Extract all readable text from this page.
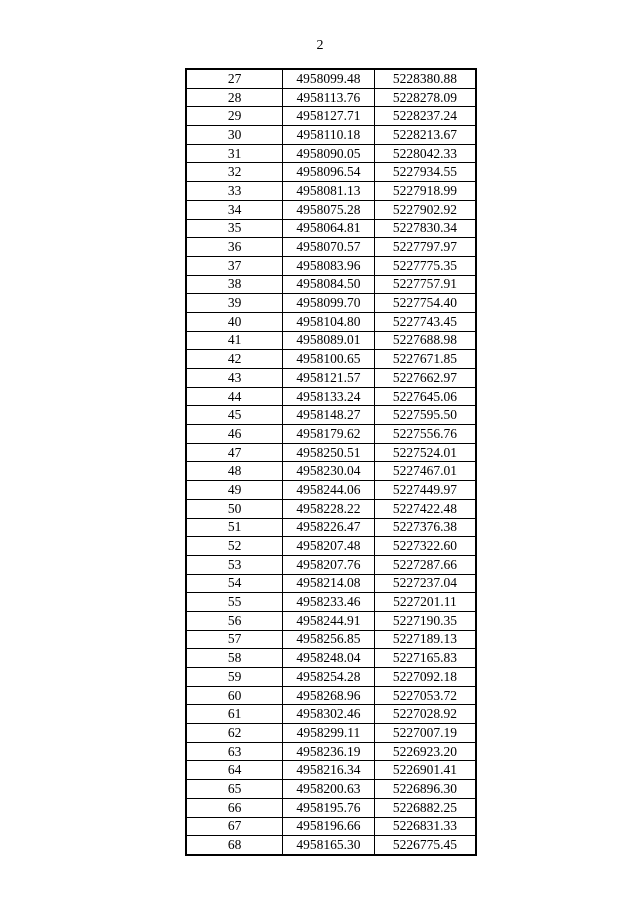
2
27	4958099.48	5228380.88
28	4958113.76	5228278.09
29	4958127.71	5228237.24
30	4958110.18	5228213.67
31	4958090.05	5228042.33
32	4958096.54	5227934.55
33	4958081.13	5227918.99
34	4958075.28	5227902.92
35	4958064.81	5227830.34
36	4958070.57	5227797.97
37	4958083.96	5227775.35
38	4958084.50	5227757.91
39	4958099.70	5227754.40
40	4958104.80	5227743.45
41	4958089.01	5227688.98
42	4958100.65	5227671.85
43	4958121.57	5227662.97
44	4958133.24	5227645.06
45	4958148.27	5227595.50
46	4958179.62	5227556.76
47	4958250.51	5227524.01
48	4958230.04	5227467.01
49	4958244.06	5227449.97
50	4958228.22	5227422.48
51	4958226.47	5227376.38
52	4958207.48	5227322.60
53	4958207.76	5227287.66
54	4958214.08	5227237.04
55	4958233.46	5227201.11
56	4958244.91	5227190.35
57	4958256.85	5227189.13
58	4958248.04	5227165.83
59	4958254.28	5227092.18
60	4958268.96	5227053.72
61	4958302.46	5227028.92
62	4958299.11	5227007.19
63	4958236.19	5226923.20
64	4958216.34	5226901.41
65	4958200.63	5226896.30
66	4958195.76	5226882.25
67	4958196.66	5226831.33
68	4958165.30	5226775.45
